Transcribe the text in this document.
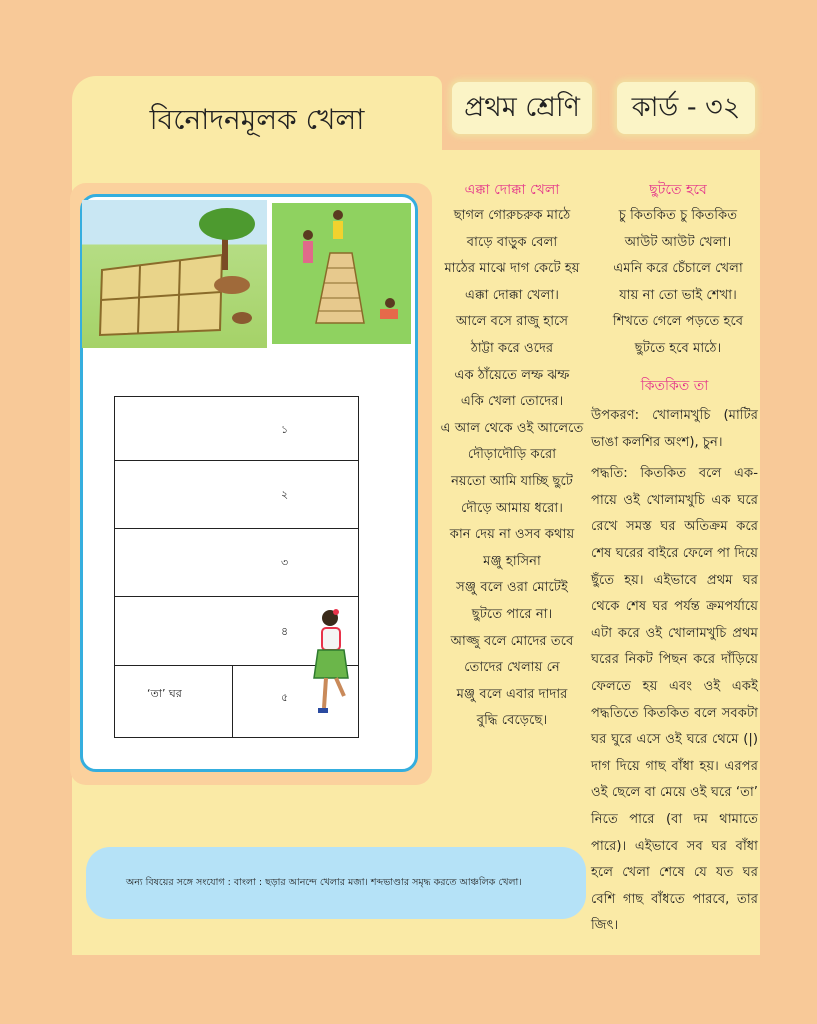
বিনোদনমূলক খেলা	প্রথম শ্রেণি	কার্ড - ৩২
১
২
৩
৪
‘তা’ ঘর	৫
এক্কা দোক্কা খেলা
ছাগল গোরুচরুক মাঠে
বাড়ে বাড়ুক বেলা
মাঠের মাঝে দাগ কেটে হয়
এক্কা দোক্কা খেলা।
আলে বসে রাজু হাসে
ঠাট্টা করে ওদের
এক ঠাঁয়েতে লম্ফ ঝম্ফ
একি খেলা তোদের।
এ আল থেকে ওই আলেতে
দৌড়াদৌড়ি করো
নয়তো আমি যাচ্ছি ছুটে
দৌড়ে আমায় ধরো।
কান দেয় না ওসব কথায়
মঞ্জু হাসিনা
সঞ্জু বলে ওরা মোটেই
ছুটতে পারে না।
আজ্জু বলে মোদের তবে
তোদের খেলায় নে
মঞ্জু বলে এবার দাদার
বুদ্ধি বেড়েছে।
ছুটতে হবে
চু কিতকিত চু কিতকিত
আউট আউট খেলা।
এমনি করে চেঁচালে খেলা
যায় না তো ভাই শেখা।
শিখতে গেলে পড়তে হবে
ছুটতে হবে মাঠে।
কিতকিত তা

উপকরণ: খোলামখুচি (মাটির ভাঙা কলশির অংশ), চুন।

পদ্ধতি: কিতকিত বলে এক-পায়ে ওই খোলামখুচি এক ঘরে রেখে সমস্ত ঘর অতিক্রম করে শেষ ঘরের বাইরে ফেলে পা দিয়ে ছুঁতে হয়। এইভাবে প্রথম ঘর থেকে শেষ ঘর পর্যন্ত ক্রমপর্যায়ে এটা করে ওই খোলামখুচি প্রথম ঘরের নিকট পিছন করে দাঁড়িয়ে ফেলতে হয় এবং ওই একই পদ্ধতিতে কিতকিত বলে সবকটা ঘর ঘুরে এসে ওই ঘরে থেমে (|) দাগ দিয়ে গাছ বাঁধা হয়। এরপর ওই ছেলে বা মেয়ে ওই ঘরে ‘তা’ নিতে পারে (বা দম থামাতে পারে)। এইভাবে সব ঘর বাঁধা হলে খেলা শেষে যে যত ঘর বেশি গাছ বাঁধতে পারবে, তার জিৎ।

অন্য বিষয়ের সঙ্গে সংযোগ : বাংলা : ছড়ার আনন্দে খেলার মজা। শব্দভাণ্ডার সমৃদ্ধ করতে আঞ্চলিক খেলা।
